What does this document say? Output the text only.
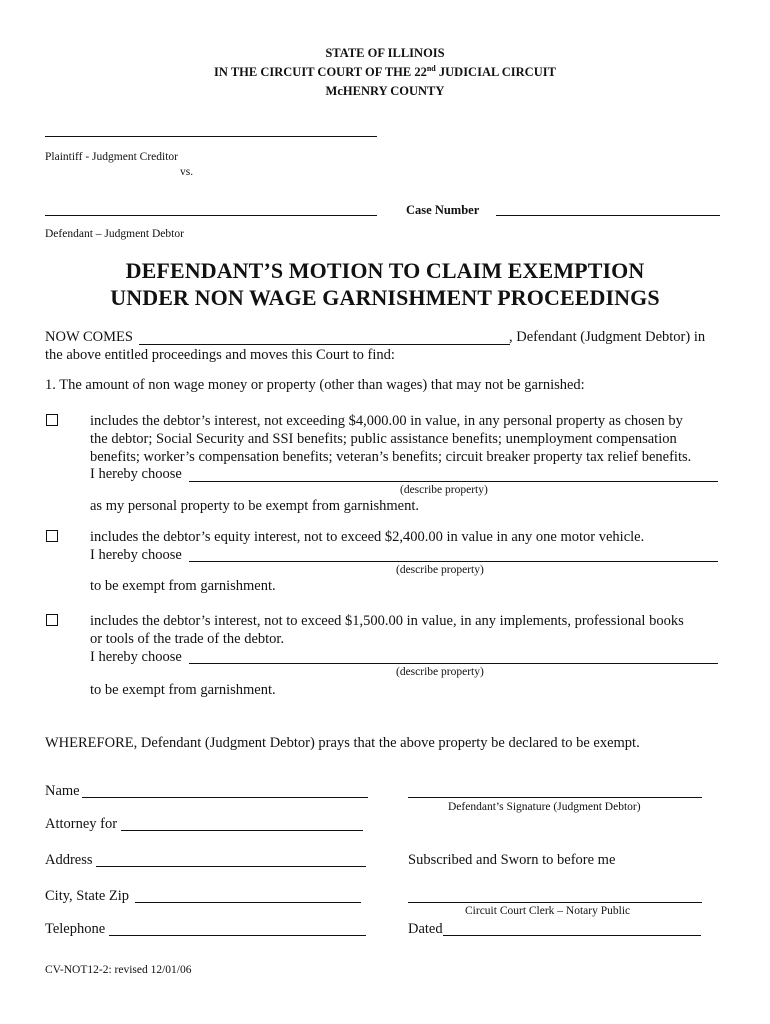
STATE OF ILLINOIS
IN THE CIRCUIT COURT OF THE 22nd JUDICIAL CIRCUIT
McHENRY COUNTY
Plaintiff - Judgment Creditor
vs.
Case Number
Defendant – Judgment Debtor
DEFENDANT’S MOTION TO CLAIM EXEMPTION
UNDER NON WAGE GARNISHMENT PROCEEDINGS
NOW COMES	, Defendant (Judgment Debtor) in
the above entitled proceedings and moves this Court to find:
1. The amount of non wage money or property (other than wages) that may not be garnished:
includes the debtor’s interest, not exceeding $4,000.00 in value, in any personal property as chosen by
the debtor; Social Security and SSI benefits; public assistance benefits; unemployment compensation
benefits; worker’s compensation benefits; veteran’s benefits; circuit breaker property tax relief benefits.
I hereby choose
(describe property)
as my personal property to be exempt from garnishment.
includes the debtor’s equity interest, not to exceed $2,400.00 in value in any one motor vehicle.
I hereby choose
(describe property)
to be exempt from garnishment.
includes the debtor’s interest, not to exceed $1,500.00 in value, in any implements, professional books
or tools of the trade of the debtor.
I hereby choose
(describe property)
to be exempt from garnishment.
WHEREFORE, Defendant (Judgment Debtor) prays that the above property be declared to be exempt.
Name
Attorney for
Address
City, State Zip
Telephone
Defendant’s Signature (Judgment Debtor)
Subscribed and Sworn to before me
Circuit Court Clerk – Notary Public
Dated
CV-NOT12-2: revised 12/01/06
